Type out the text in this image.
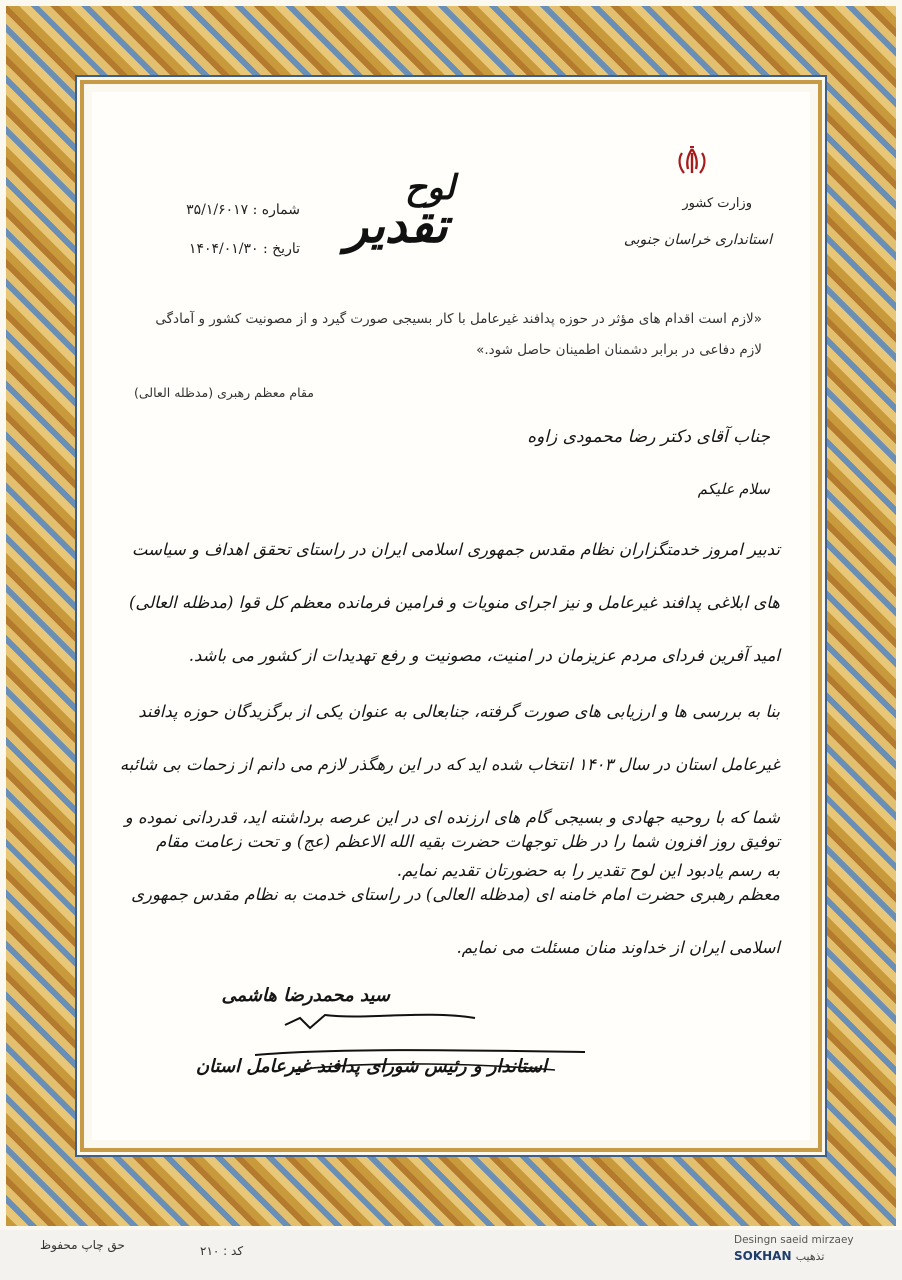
وزارت کشور
استانداری خراسان جنوبی
لوح
تقدیر
شماره : ۳۵/۱/۶۰۱۷
تاریخ : ۱۴۰۴/۰۱/۳۰
«لازم است اقدام های مؤثر در حوزه پدافند غیرعامل با کار بسیجی صورت گیرد و از مصونیت کشور و آمادگی لازم دفاعی در برابر دشمنان اطمینان حاصل شود.»
مقام معظم رهبری (مدظله العالی)
جناب آقای دکتر رضا محمودی زاوه
سلام علیکم
تدبیر امروز خدمتگزاران نظام مقدس جمهوری اسلامی ایران در راستای تحقق اهداف و سیاست های ابلاغی پدافند غیرعامل و نیز اجرای منویات و فرامین فرمانده معظم کل قوا (مدظله العالی) امید آفرین فردای مردم عزیزمان در امنیت، مصونیت و رفع تهدیدات از کشور می باشد.
بنا به بررسی ها و ارزیابی های صورت گرفته، جنابعالی به عنوان یکی از برگزیدگان حوزه پدافند غیرعامل استان در سال ۱۴۰۳ انتخاب شده اید که در این رهگذر لازم می دانم از زحمات بی شائبه شما که با روحیه جهادی و بسیجی گام های ارزنده ای در این عرصه برداشته اید، قدردانی نموده و به رسم یادبود این لوح تقدیر را به حضورتان تقدیم نمایم.
توفیق روز افزون شما را در ظل توجهات حضرت بقیه الله الاعظم (عج) و تحت زعامت مقام معظم رهبری حضرت امام خامنه ای (مدظله العالی) در راستای خدمت به نظام مقدس جمهوری اسلامی ایران از خداوند منان مسئلت می نمایم.
سید محمدرضا هاشمی
استاندار و رئیس شورای پدافند غیرعامل استان
حق چاپ محفوظ	کد : ۲۱۰
Desingn saeid mirzaey
SOKHAN تذهیب
